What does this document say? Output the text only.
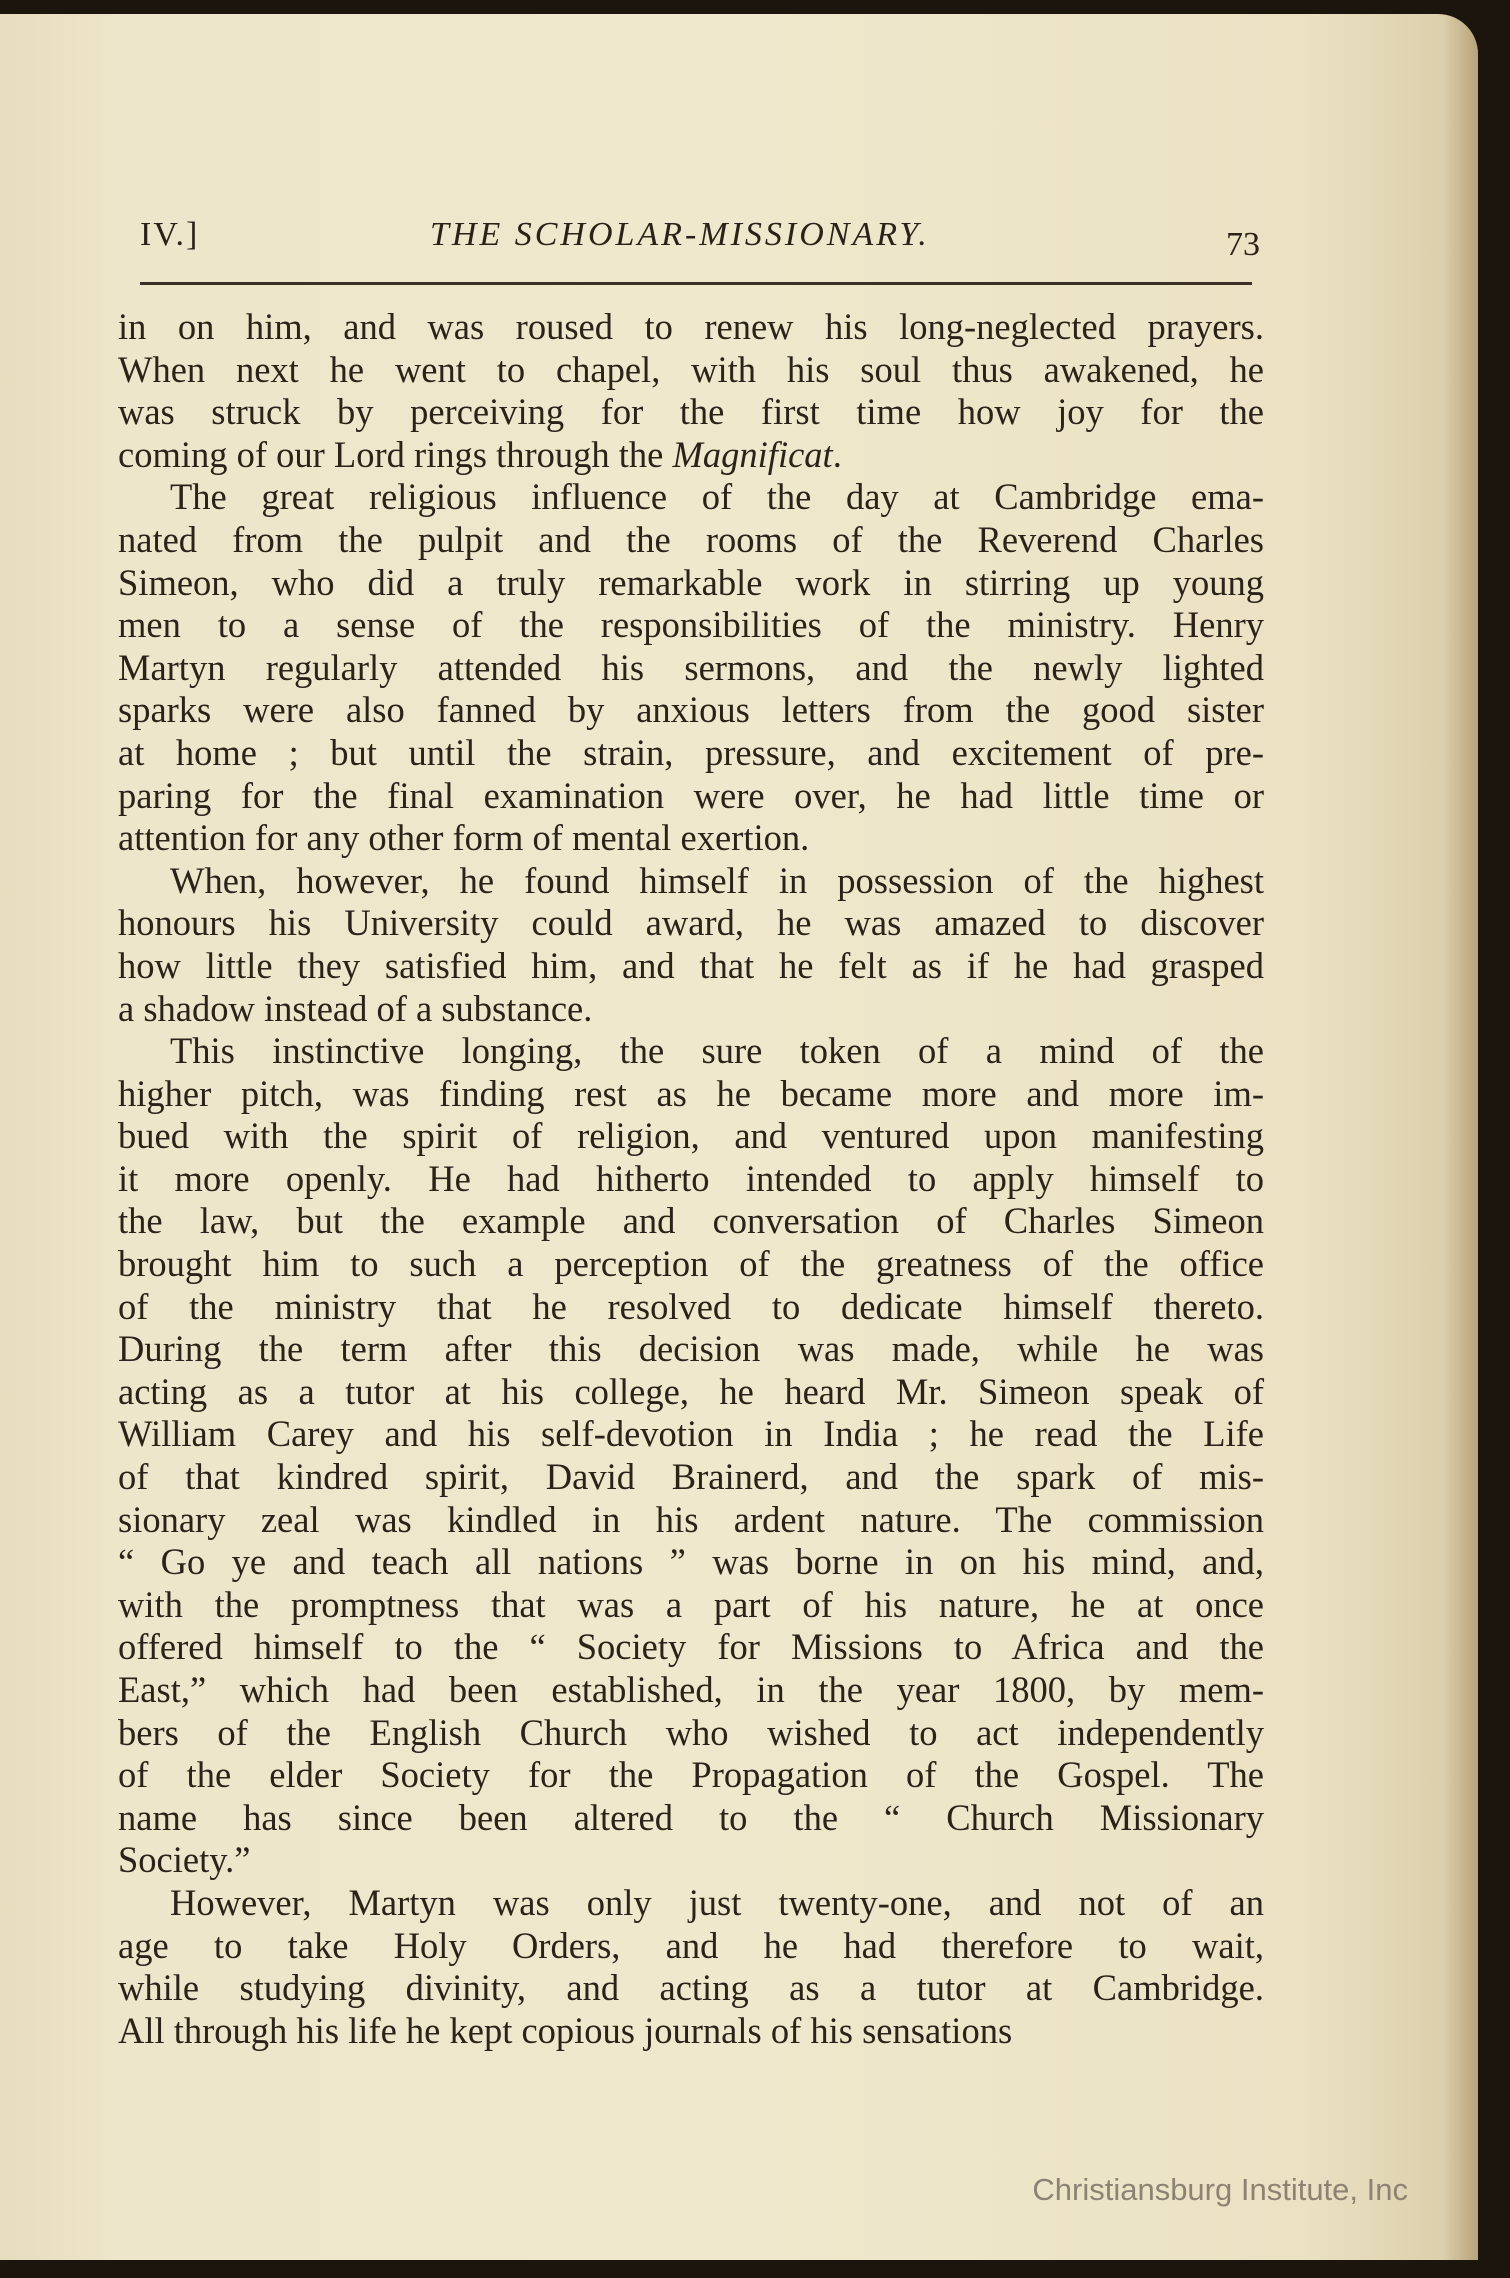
IV.]	THE SCHOLAR-MISSIONARY.	73
in on him, and was roused to renew his long-neglected prayers.
When next he went to chapel, with his soul thus awakened, he
was struck by perceiving for the first time how joy for the
coming of our Lord rings through the Magnificat.
The great religious influence of the day at Cambridge ema-
nated from the pulpit and the rooms of the Reverend Charles
Simeon, who did a truly remarkable work in stirring up young
men to a sense of the responsibilities of the ministry. Henry
Martyn regularly attended his sermons, and the newly lighted
sparks were also fanned by anxious letters from the good sister
at home ; but until the strain, pressure, and excitement of pre-
paring for the final examination were over, he had little time or
attention for any other form of mental exertion.
When, however, he found himself in possession of the highest
honours his University could award, he was amazed to discover
how little they satisfied him, and that he felt as if he had grasped
a shadow instead of a substance.
This instinctive longing, the sure token of a mind of the
higher pitch, was finding rest as he became more and more im-
bued with the spirit of religion, and ventured upon manifesting
it more openly. He had hitherto intended to apply himself to
the law, but the example and conversation of Charles Simeon
brought him to such a perception of the greatness of the office
of the ministry that he resolved to dedicate himself thereto.
During the term after this decision was made, while he was
acting as a tutor at his college, he heard Mr. Simeon speak of
William Carey and his self-devotion in India ; he read the Life
of that kindred spirit, David Brainerd, and the spark of mis-
sionary zeal was kindled in his ardent nature. The commission
“ Go ye and teach all nations ” was borne in on his mind, and,
with the promptness that was a part of his nature, he at once
offered himself to the “ Society for Missions to Africa and the
East,” which had been established, in the year 1800, by mem-
bers of the English Church who wished to act independently
of the elder Society for the Propagation of the Gospel. The
name has since been altered to the “ Church Missionary
Society.”
However, Martyn was only just twenty-one, and not of an
age to take Holy Orders, and he had therefore to wait,
while studying divinity, and acting as a tutor at Cambridge.
All through his life he kept copious journals of his sensations
Christiansburg Institute, Inc
